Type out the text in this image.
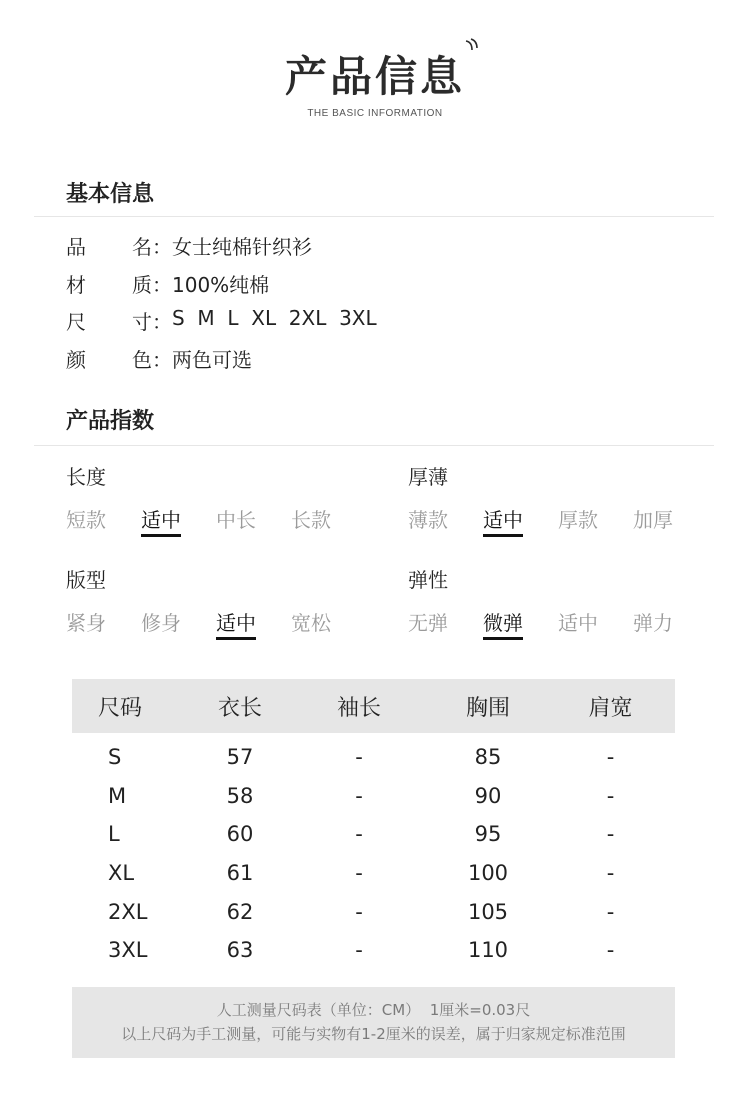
产品信息
THE BASIC INFORMATION
基本信息
品 名 ： 女士纯棉针织衫
材 质 ： 100%纯棉
尺 寸 ： S  M  L  XL  2XL  3XL
颜 色 ： 两色可选
产品指数
长度
短款	适中	中长	长款
厚薄
薄款	适中	厚款	加厚
版型
紧身	修身	适中	宽松
弹性
无弹	微弹	适中	弹力
尺码	衣长	袖长	胸围	肩宽
S	57	-	85	-
M	58	-	90	-
L	60	-	95	-
XL	61	-	100	-
2XL	62	-	105	-
3XL	63	-	110	-
人工测量尺码表（单位：CM）  1厘米=0.03尺
以上尺码为手工测量，可能与实物有1-2厘米的误差，属于归家规定标准范围
